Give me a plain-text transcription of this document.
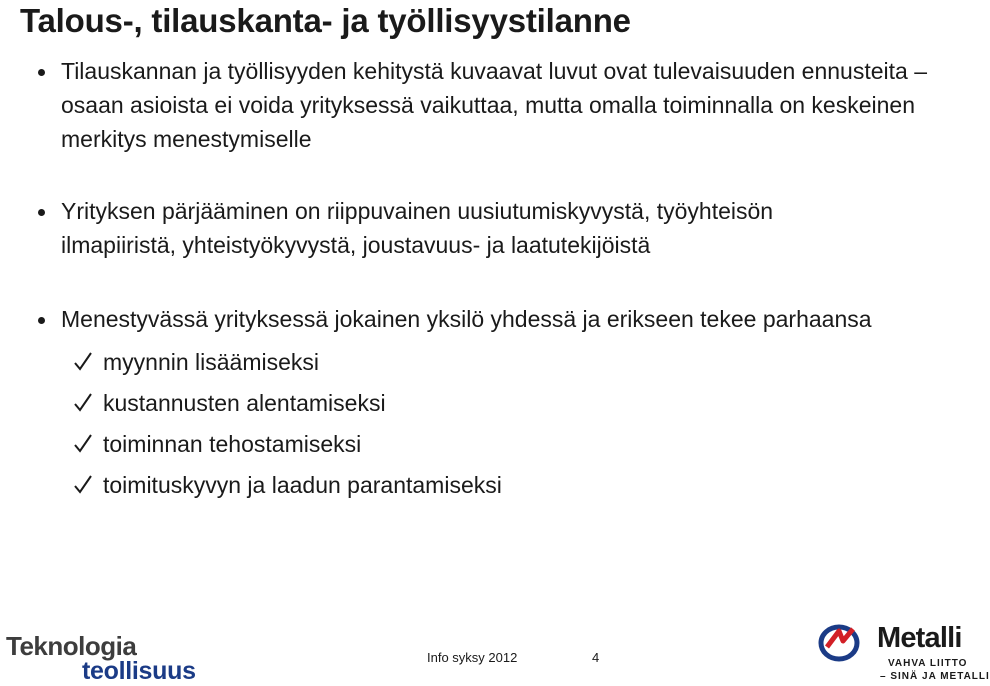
Talous-, tilauskanta- ja työllisyystilanne
Tilauskannan ja työllisyyden kehitystä kuvaavat luvut ovat tulevaisuuden ennusteita – osaan asioista ei voida yrityksessä vaikuttaa, mutta omalla toiminnalla on keskeinen merkitys menestymiselle
Yrityksen pärjääminen on riippuvainen uusiutumiskyvystä, työyhteisön
ilmapiiristä, yhteistyökyvystä, joustavuus- ja laatutekijöistä
Menestyvässä yrityksessä jokainen yksilö yhdessä ja erikseen tekee parhaansa
myynnin lisäämiseksi
kustannusten alentamiseksi
toiminnan tehostamiseksi
toimituskyvyn ja laadun parantamiseksi
Teknologia
teollisuus	Info syksy 2012	4
Metalli
VAHVA LIITTO
– SINÄ JA METALLI
